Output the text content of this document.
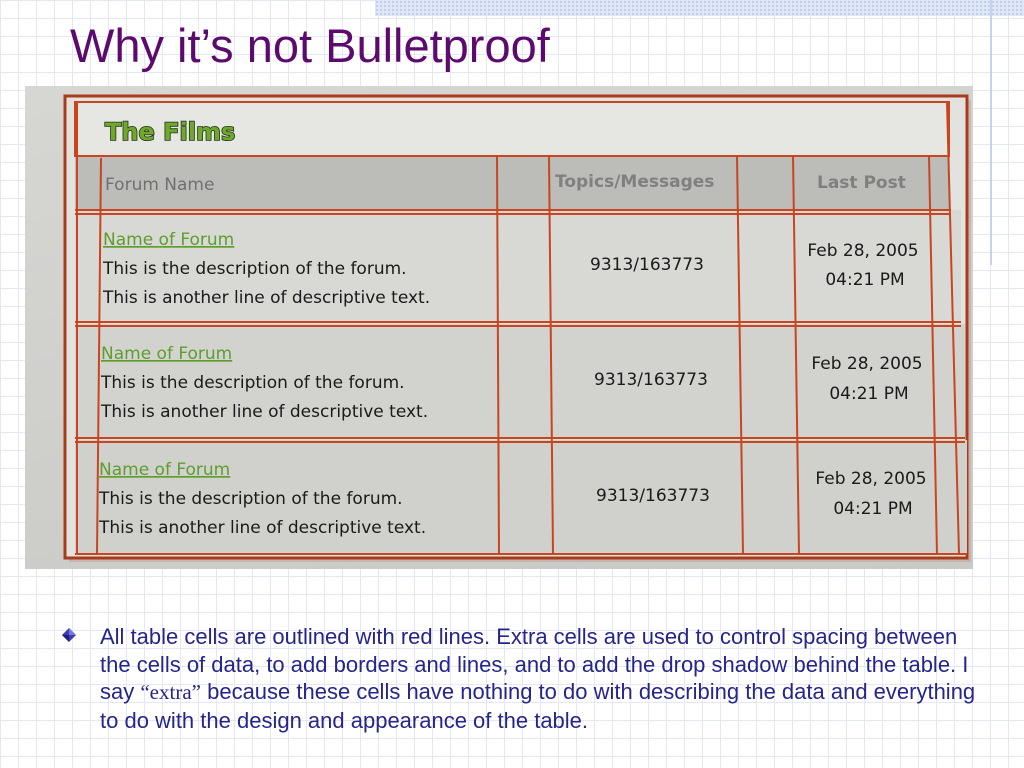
Why it’s not Bulletproof
The Films
Forum Name	Topics/Messages	Last Post
Name of Forum
This is the description of the forum.
This is another line of descriptive text.
9313/163773
Feb 28, 2005
04:21 PM
Name of Forum
This is the description of the forum.
This is another line of descriptive text.
9313/163773
Feb 28, 2005
04:21 PM
Name of Forum
This is the description of the forum.
This is another line of descriptive text.
9313/163773
Feb 28, 2005
04:21 PM
All table cells are outlined with red lines. Extra cells are used to control spacing between the cells of data, to add borders and lines, and to add the drop shadow behind the table. I say “extra” because these cells have nothing to do with describing the data and everything to do with the design and appearance of the table.
